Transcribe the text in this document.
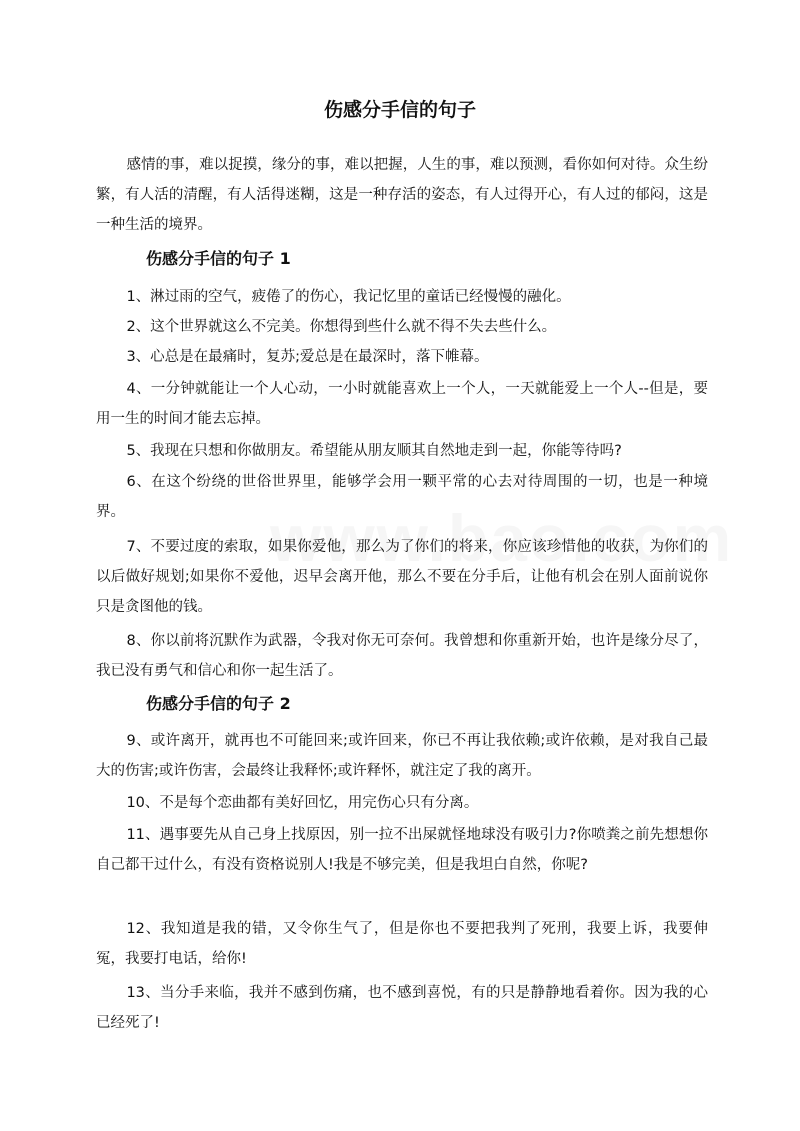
伤感分手信的句子

感情的事，难以捉摸，缘分的事，难以把握，人生的事，难以预测，看你如何对待。众生纷繁，有人活的清醒，有人活得迷糊，这是一种存活的姿态，有人过得开心，有人过的郁闷，这是一种生活的境界。

伤感分手信的句子 1

1、淋过雨的空气，疲倦了的伤心，我记忆里的童话已经慢慢的融化。

2、这个世界就这么不完美。你想得到些什么就不得不失去些什么。

3、心总是在最痛时，复苏;爱总是在最深时，落下帷幕。

4、一分钟就能让一个人心动，一小时就能喜欢上一个人，一天就能爱上一个人--但是，要用一生的时间才能去忘掉。

5、我现在只想和你做朋友。希望能从朋友顺其自然地走到一起，你能等待吗?

6、在这个纷绕的世俗世界里，能够学会用一颗平常的心去对待周围的一切，也是一种境界。

7、不要过度的索取，如果你爱他，那么为了你们的将来，你应该珍惜他的收获，为你们的以后做好规划;如果你不爱他，迟早会离开他，那么不要在分手后，让他有机会在别人面前说你只是贪图他的钱。

8、你以前将沉默作为武器，令我对你无可奈何。我曾想和你重新开始，也许是缘分尽了，我已没有勇气和信心和你一起生活了。

伤感分手信的句子 2

9、或许离开，就再也不可能回来;或许回来，你已不再让我依赖;或许依赖，是对我自己最大的伤害;或许伤害，会最终让我释怀;或许释怀，就注定了我的离开。

10、不是每个恋曲都有美好回忆，用完伤心只有分离。

11、遇事要先从自己身上找原因，别一拉不出屎就怪地球没有吸引力?你喷粪之前先想想你自己都干过什么，有没有资格说别人!我是不够完美，但是我坦白自然，你呢?

12、我知道是我的错，又令你生气了，但是你也不要把我判了死刑，我要上诉，我要伸冤，我要打电话，给你!

13、当分手来临，我并不感到伤痛，也不感到喜悦，有的只是静静地看着你。因为我的心已经死了!
